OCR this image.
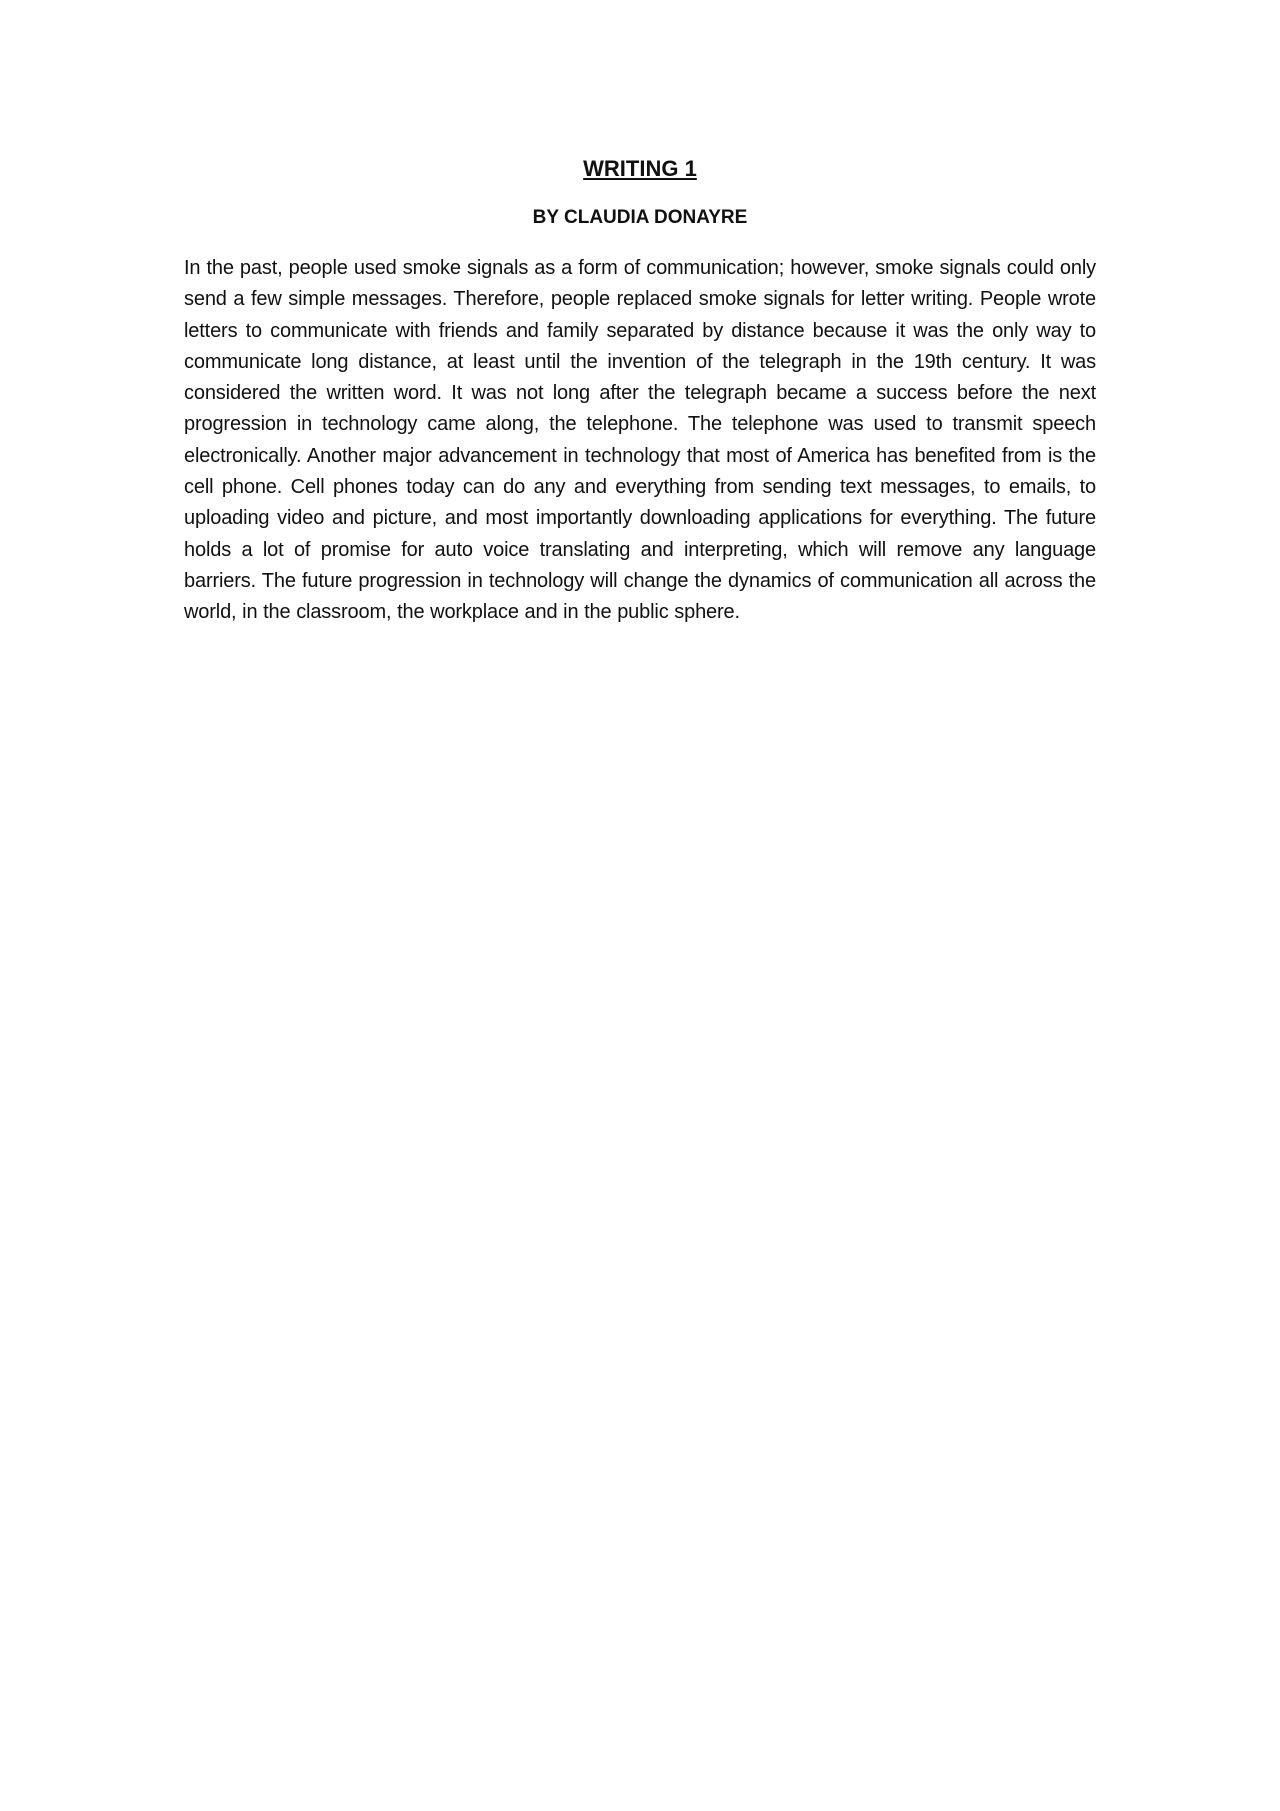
WRITING 1
BY CLAUDIA DONAYRE

In the past, people used smoke signals as a form of communication; however, smoke signals could only send a few simple messages. Therefore, people replaced smoke signals for letter writing. People wrote letters to communicate with friends and family separated by distance because it was the only way to communicate long distance, at least until the invention of the telegraph in the 19th century. It was considered the written word. It was not long after the telegraph became a success before the next progression in technology came along, the telephone. The telephone was used to transmit speech electronically. Another major advancement in technology that most of America has benefited from is the cell phone. Cell phones today can do any and everything from sending text messages, to emails, to uploading video and picture, and most importantly downloading applications for everything. The future holds a lot of promise for auto voice translating and interpreting, which will remove any language barriers. The future progression in technology will change the dynamics of communication all across the world, in the classroom, the workplace and in the public sphere.
